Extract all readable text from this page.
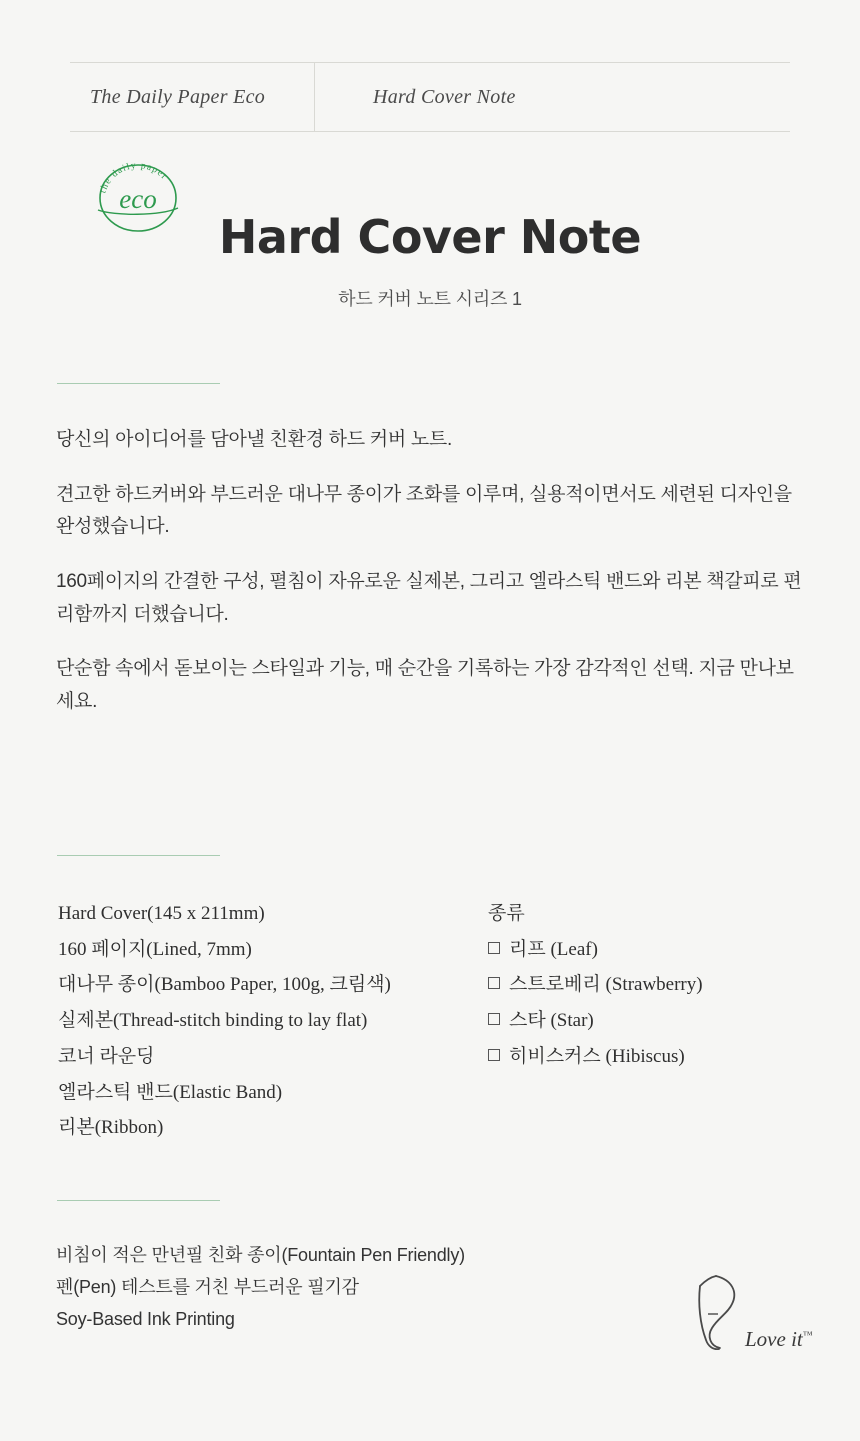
The Daily Paper Eco	Hard Cover Note
the daily paper
eco
Hard Cover Note
하드 커버 노트 시리즈 1

당신의 아이디어를 담아낼 친환경 하드 커버 노트.

견고한 하드커버와 부드러운 대나무 종이가 조화를 이루며, 실용적이면서도 세련된 디자인을 완성했습니다.

160페이지의 간결한 구성, 펼침이 자유로운 실제본, 그리고 엘라스틱 밴드와 리본 책갈피로 편리함까지 더했습니다.

단순함 속에서 돋보이는 스타일과 기능, 매 순간을 기록하는 가장 감각적인 선택. 지금 만나보세요.

Hard Cover(145 x 211mm)
160 페이지(Lined, 7mm)
대나무 종이(Bamboo Paper, 100g, 크림색)
실제본(Thread-stitch binding to lay flat)
코너 라운딩
엘라스틱 밴드(Elastic Band)
리본(Ribbon)
종류
리프 (Leaf)
스트로베리 (Strawberry)
스타 (Star)
히비스커스 (Hibiscus)
비침이 적은 만년필 친화 종이(Fountain Pen Friendly)
펜(Pen) 테스트를 거친 부드러운 필기감
Soy-Based Ink Printing
Love it™
